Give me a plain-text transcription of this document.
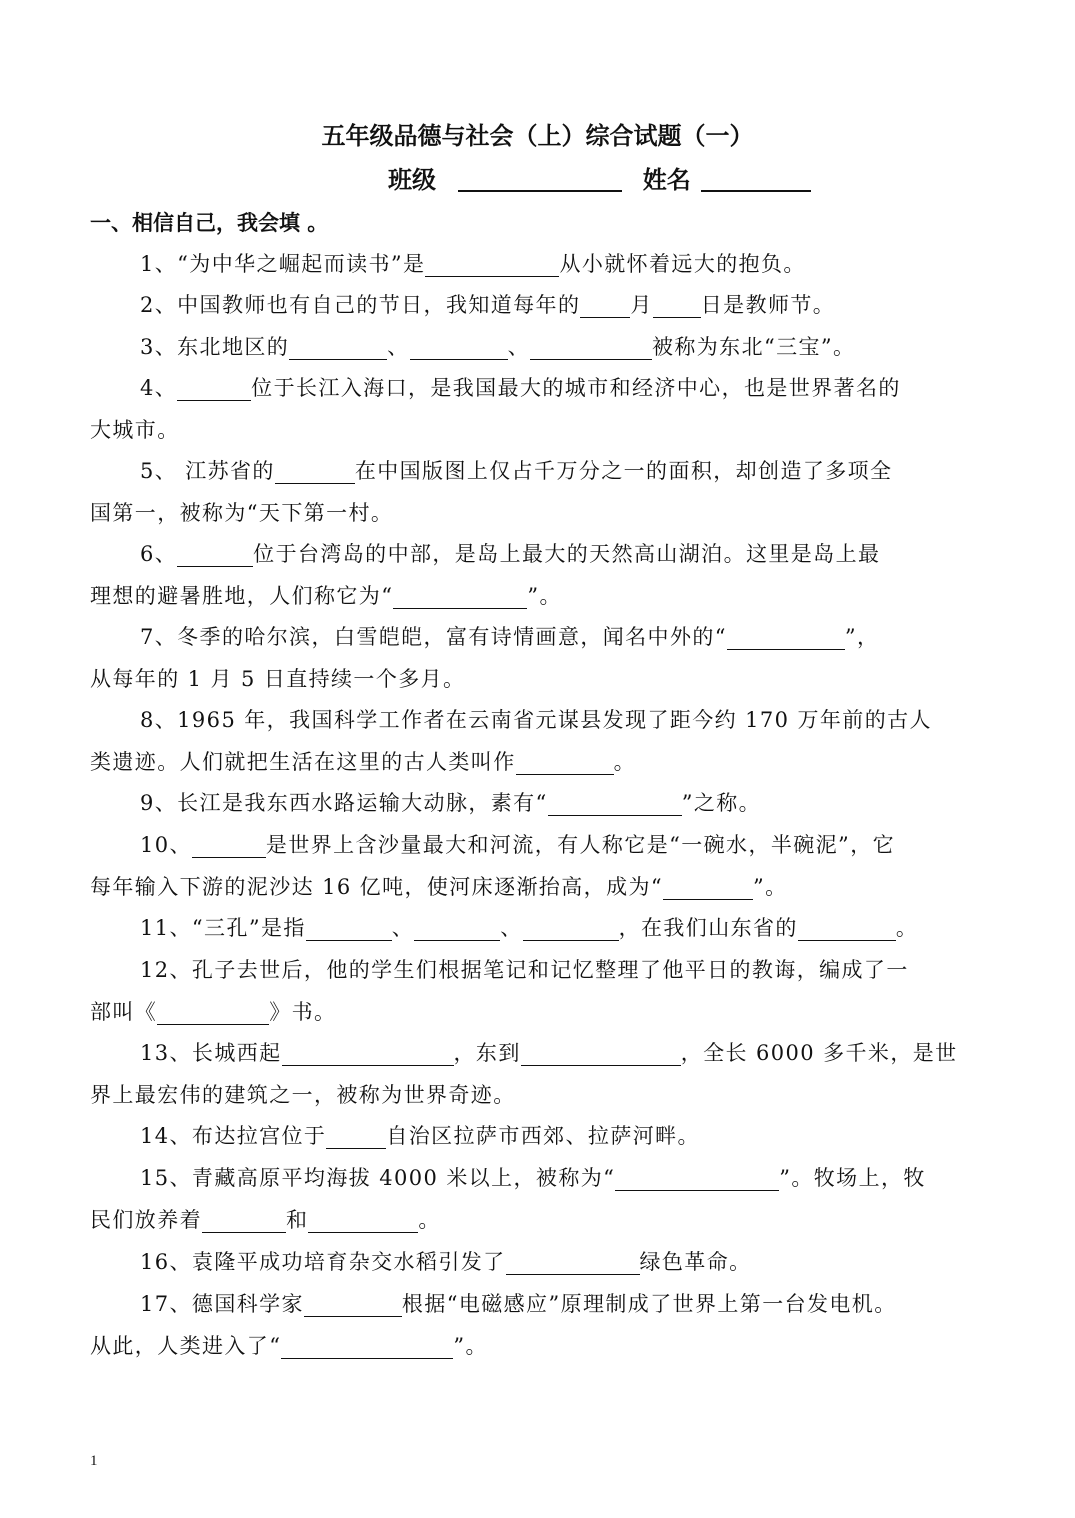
五年级品德与社会（上）综合试题（一）
班级	姓名
一、相信自己，我会填 。
1、“为中华之崛起而读书”是	从小就怀着远大的抱负。
2、中国教师也有自己的节日，我知道每年的 月 日是教师节。
3、东北地区的	、	、	被称为东北“三宝”。
4、	位于长江入海口，是我国最大的城市和经济中心，也是世界著名的
大城市。
5、 江苏省的	在中国版图上仅占千万分之一的面积，却创造了多项全
国第一，被称为“天下第一村。
6、	位于台湾岛的中部，是岛上最大的天然高山湖泊。这里是岛上最
理想的避暑胜地，人们称它为“	”。
7、冬季的哈尔滨，白雪皑皑，富有诗情画意，闻名中外的“	”，
从每年的 1 月 5 日直持续一个多月。
8、1965 年，我国科学工作者在云南省元谋县发现了距今约 170 万年前的古人
类遗迹。人们就把生活在这里的古人类叫作	。
9、长江是我东西水路运输大动脉，素有“	”之称。
10、	是世界上含沙量最大和河流，有人称它是“一碗水，半碗泥”，它
每年输入下游的泥沙达 16 亿吨，使河床逐渐抬高，成为“	”。
11、“三孔”是指	、	、	，在我们山东省的	。
12、孔子去世后，他的学生们根据笔记和记忆整理了他平日的教诲，编成了一
部叫《	》书。
13、长城西起	，东到	，全长 6000 多千米，是世
界上最宏伟的建筑之一，被称为世界奇迹。
14、布达拉宫位于	自治区拉萨市西郊、拉萨河畔。
15、青藏高原平均海拔 4000 米以上，被称为“	”。牧场上，牧
民们放养着	和	。
16、袁隆平成功培育杂交水稻引发了	绿色革命。
17、德国科学家	根据“电磁感应”原理制成了世界上第一台发电机。
从此，人类进入了“	”。
1
